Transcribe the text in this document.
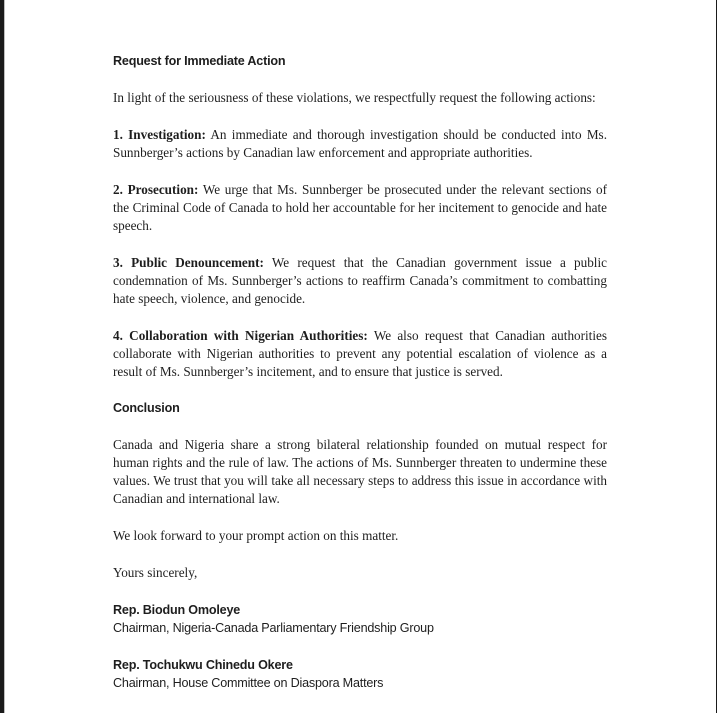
Request for Immediate Action

In light of the seriousness of these violations, we respectfully request the following actions:

1. Investigation: An immediate and thorough investigation should be conducted into Ms. Sunnberger’s actions by Canadian law enforcement and appropriate authorities.

2. Prosecution: We urge that Ms. Sunnberger be prosecuted under the relevant sections of the Criminal Code of Canada to hold her accountable for her incitement to genocide and hate speech.

3. Public Denouncement: We request that the Canadian government issue a public condemnation of Ms. Sunnberger’s actions to reaffirm Canada’s commitment to combatting hate speech, violence, and genocide.

4. Collaboration with Nigerian Authorities: We also request that Canadian authorities collaborate with Nigerian authorities to prevent any potential escalation of violence as a result of Ms. Sunnberger’s incitement, and to ensure that justice is served.

Conclusion

Canada and Nigeria share a strong bilateral relationship founded on mutual respect for human rights and the rule of law. The actions of Ms. Sunnberger threaten to undermine these values. We trust that you will take all necessary steps to address this issue in accordance with Canadian and international law.

We look forward to your prompt action on this matter.

Yours sincerely,

Rep. Biodun Omoleye

Chairman, Nigeria-Canada Parliamentary Friendship Group

Rep. Tochukwu Chinedu Okere

Chairman, House Committee on Diaspora Matters
